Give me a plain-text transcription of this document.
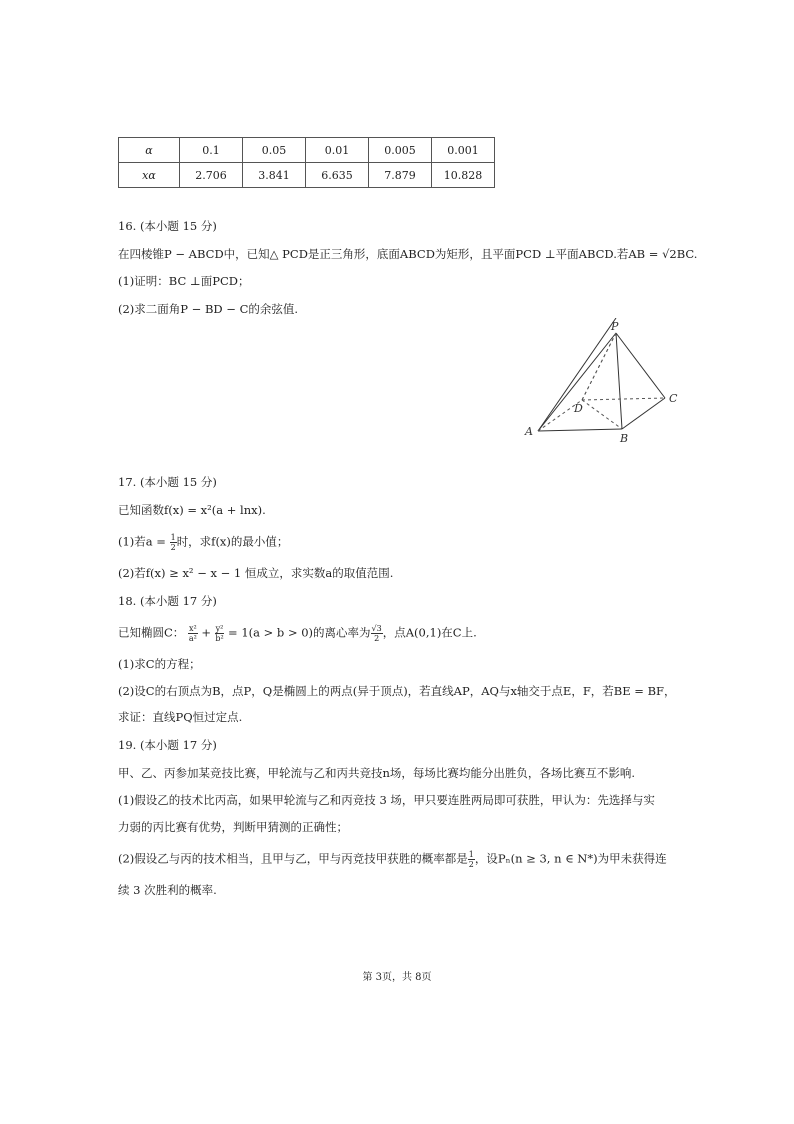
α	0.1	0.05	0.01	0.005	0.001
xα	2.706	3.841	6.635	7.879	10.828
16. (本小题 15 分)
在四棱锥P − ABCD中，已知△ PCD是正三角形，底面ABCD为矩形，且平面PCD ⊥平面ABCD.若AB = √2BC.
(1)证明：BC ⊥面PCD；
(2)求二面角P − BD − C的余弦值.
P
D
C
A
B
17. (本小题 15 分)
已知函数f(x) = x²(a + lnx).
(1)若$a = \frac{1}{2}$ 时，求f(x)的最小值；
(2)若f(x) ≥ x² − x − 1 恒成立，求实数a的取值范围.
18. (本小题 17 分)
已知椭圆C： $\frac{\text{x²}}{\text{a²}} + \frac{\text{y²}}{\text{b²}} = 1(a > b > 0)$的离心率为 $\frac{√3}{2}$ ，点A(0,1)在C上.
(1)求C的方程；
(2)设C的右顶点为B，点P，Q是椭圆上的两点(异于顶点)，若直线AP，AQ与x轴交于点E，F，若BE = BF，
求证：直线PQ恒过定点.
19. (本小题 17 分)
甲、乙、丙参加某竞技比赛，甲轮流与乙和丙共竞技n场，每场比赛均能分出胜负，各场比赛互不影响.
(1)假设乙的技术比丙高，如果甲轮流与乙和丙竞技 3 场，甲只要连胜两局即可获胜，甲认为：先选择与实
力弱的丙比赛有优势，判断甲猜测的正确性；
(2)假设乙与丙的技术相当，且甲与乙，甲与丙竞技甲获胜的概率都是 $\frac{1}{2}$ ，设Pₙ(n ≥ 3, n ∈ N*)为甲未获得连
续 3 次胜利的概率.
第 3页，共 8页
